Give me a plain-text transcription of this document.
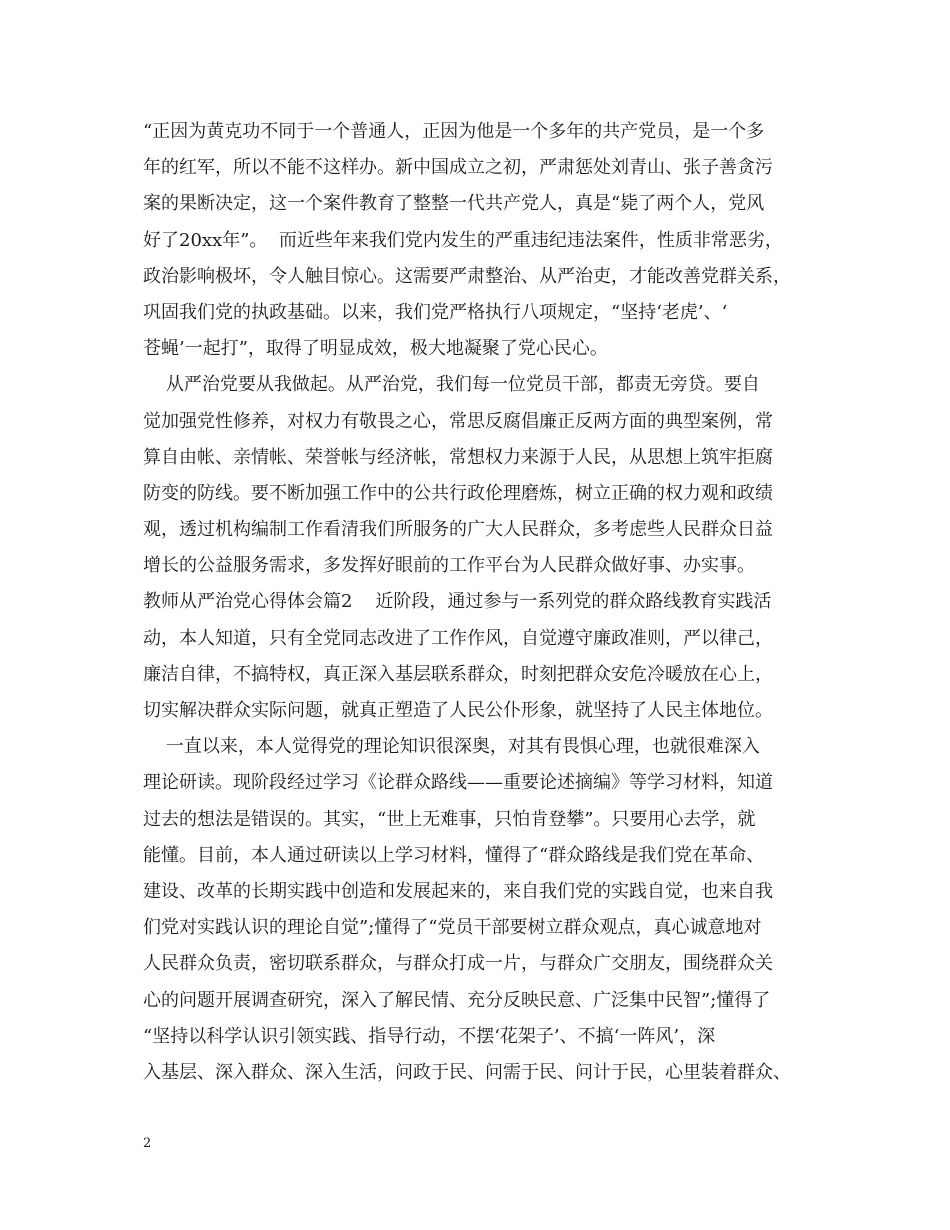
“正因为黄克功不同于一个普通人，正因为他是一个多年的共产党员，是一个多
年的红军，所以不能不这样办。新中国成立之初，严肃惩处刘青山、张子善贪污
案的果断决定，这一个案件教育了整整一代共产党人，真是“毙了两个人，党风
好了20xx年”。  而近些年来我们党内发生的严重违纪违法案件，性质非常恶劣，
政治影响极坏，令人触目惊心。这需要严肃整治、从严治吏，才能改善党群关系，
巩固我们党的执政基础。以来，我们党严格执行八项规定，“坚持‘老虎’、‘
苍蝇’一起打”，取得了明显成效，极大地凝聚了党心民心。
从严治党要从我做起。从严治党，我们每一位党员干部，都责无旁贷。要自
觉加强党性修养，对权力有敬畏之心，常思反腐倡廉正反两方面的典型案例，常
算自由帐、亲情帐、荣誉帐与经济帐，常想权力来源于人民，从思想上筑牢拒腐
防变的防线。要不断加强工作中的公共行政伦理磨炼，树立正确的权力观和政绩
观，透过机构编制工作看清我们所服务的广大人民群众，多考虑些人民群众日益
增长的公益服务需求，多发挥好眼前的工作平台为人民群众做好事、办实事。
教师从严治党心得体会篇2    近阶段，通过参与一系列党的群众路线教育实践活
动，本人知道，只有全党同志改进了工作作风，自觉遵守廉政准则，严以律己，
廉洁自律，不搞特权，真正深入基层联系群众，时刻把群众安危冷暖放在心上，
切实解决群众实际问题，就真正塑造了人民公仆形象，就坚持了人民主体地位。
一直以来，本人觉得党的理论知识很深奥，对其有畏惧心理，也就很难深入
理论研读。现阶段经过学习《论群众路线——重要论述摘编》等学习材料，知道
过去的想法是错误的。其实，“世上无难事，只怕肯登攀”。只要用心去学，就
能懂。目前，本人通过研读以上学习材料，懂得了“群众路线是我们党在革命、
建设、改革的长期实践中创造和发展起来的，来自我们党的实践自觉，也来自我
们党对实践认识的理论自觉”;懂得了“党员干部要树立群众观点，真心诚意地对
人民群众负责，密切联系群众，与群众打成一片，与群众广交朋友，围绕群众关
心的问题开展调查研究，深入了解民情、充分反映民意、广泛集中民智”;懂得了
“坚持以科学认识引领实践、指导行动，不摆‘花架子’、不搞‘一阵风’，深
入基层、深入群众、深入生活，问政于民、问需于民、问计于民，心里装着群众、
2
